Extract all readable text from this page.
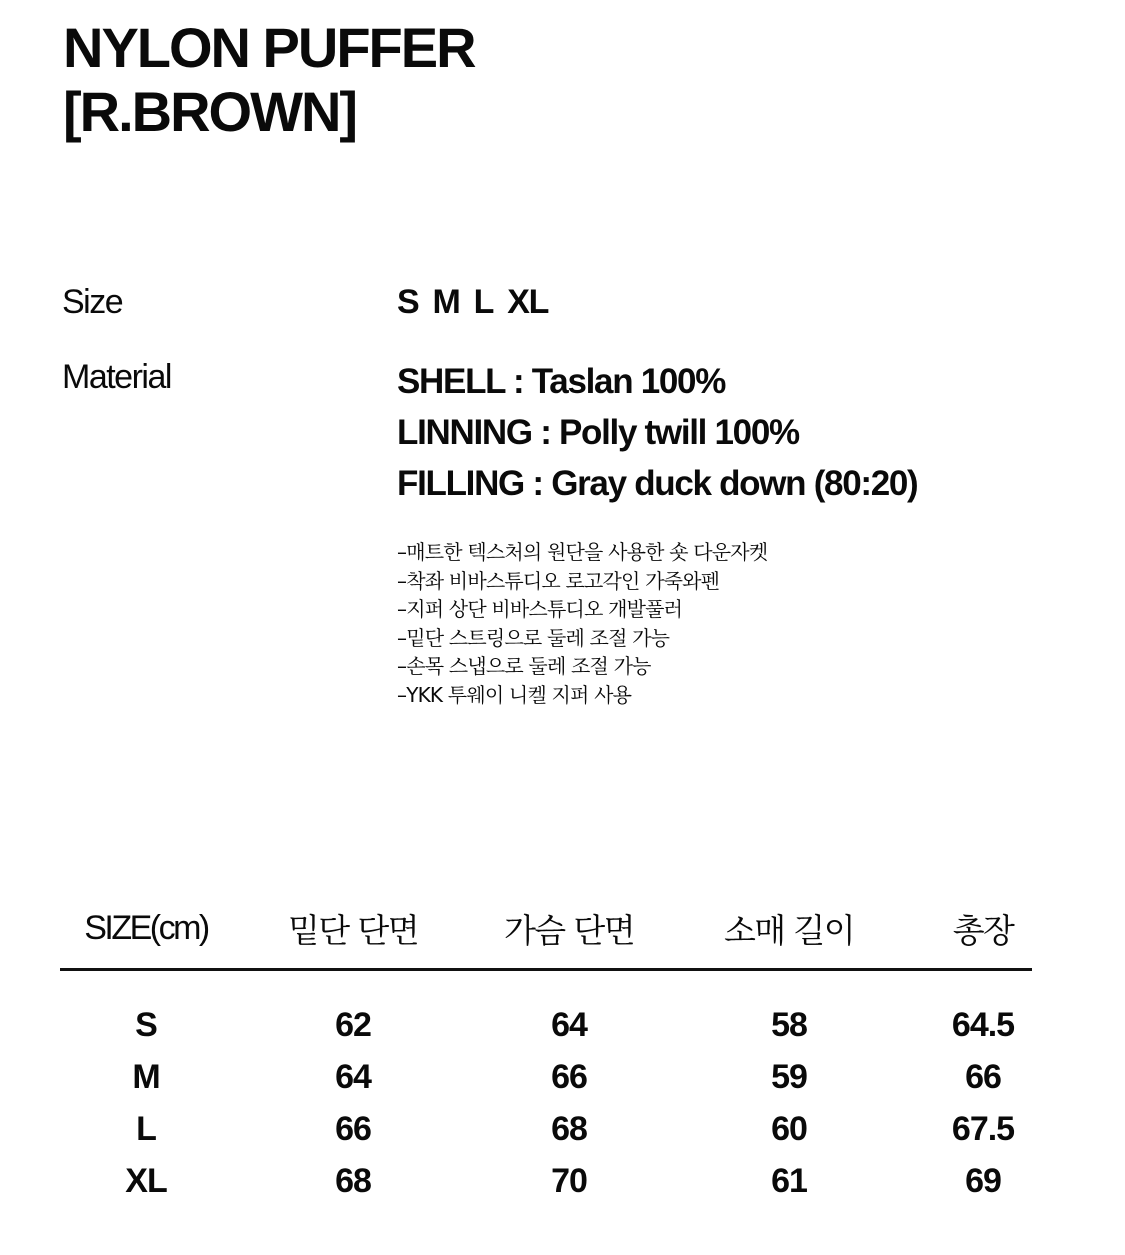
NYLON PUFFER
[R.BROWN]
Size	S M L XL
Material	SHELL : Taslan 100%
LINNING : Polly twill 100%
FILLING : Gray duck down (80:20)
–매트한 텍스처의 원단을 사용한 숏 다운자켓
–착좌 비바스튜디오 로고각인 가죽와펜
–지퍼 상단 비바스튜디오 개발풀러
–밑단 스트링으로 둘레 조절 가능
–손목 스냅으로 둘레 조절 가능
–YKK 투웨이 니켈 지퍼 사용
SIZE(cm)	밑단 단면	가슴 단면	소매 길이	총장
S	62	64	58	64.5
M	64	66	59	66
L	66	68	60	67.5
XL	68	70	61	69
